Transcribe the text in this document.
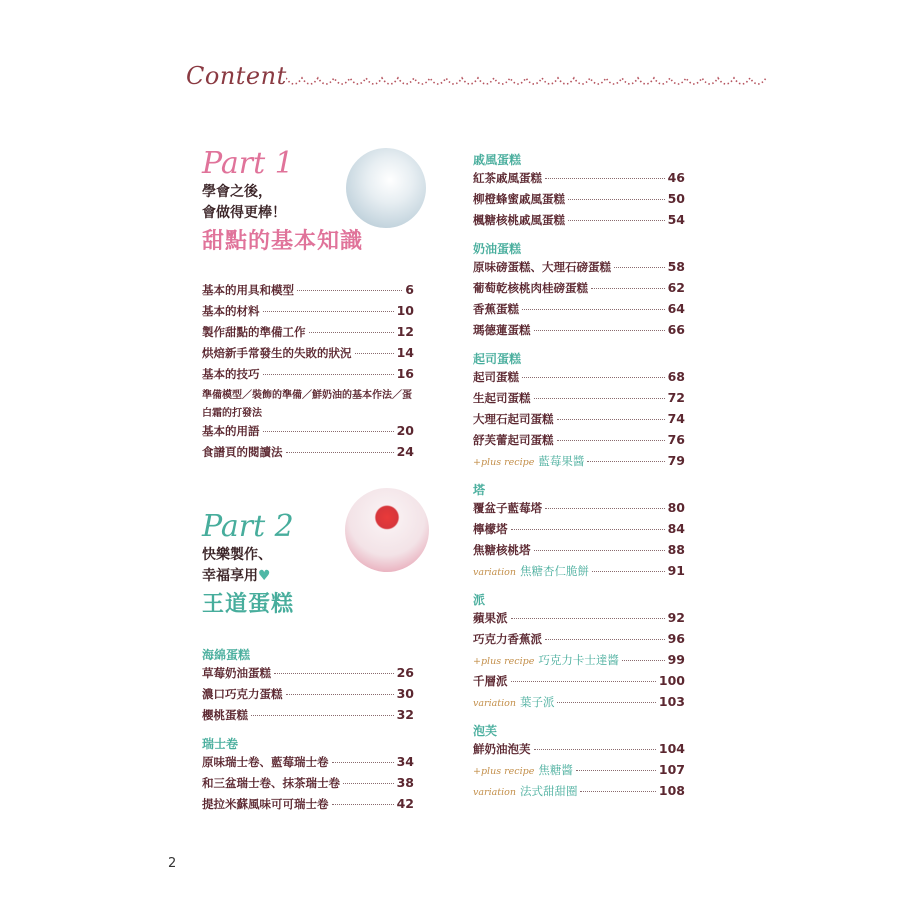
Content
Part 1
學會之後，
會做得更棒！
甜點的基本知識
基本的用具和模型	6
基本的材料	10
製作甜點的準備工作	12
烘焙新手常發生的失敗的狀況	14
基本的技巧	16
準備模型／裝飾的準備／鮮奶油的基本作法／蛋白霜的打發法
基本的用語	20
食譜頁的閱讀法	24
Part 2
快樂製作、
幸福享用♥
王道蛋糕
海綿蛋糕
草莓奶油蛋糕	26
濃口巧克力蛋糕	30
櫻桃蛋糕	32
瑞士卷
原味瑞士卷、藍莓瑞士卷	34
和三盆瑞士卷、抹茶瑞士卷	38
提拉米蘇風味可可瑞士卷	42
戚風蛋糕
紅茶戚風蛋糕	46
柳橙蜂蜜戚風蛋糕	50
楓糖核桃戚風蛋糕	54
奶油蛋糕
原味磅蛋糕、大理石磅蛋糕	58
葡萄乾核桃肉桂磅蛋糕	62
香蕉蛋糕	64
瑪德蓮蛋糕	66
起司蛋糕
起司蛋糕	68
生起司蛋糕	72
大理石起司蛋糕	74
舒芙蕾起司蛋糕	76
+plus recipe 藍莓果醬	79
塔
覆盆子藍莓塔	80
檸檬塔	84
焦糖核桃塔	88
variation 焦糖杏仁脆餅	91
派
蘋果派	92
巧克力香蕉派	96
+plus recipe 巧克力卡士達醬	99
千層派	100
variation 葉子派	103
泡芙
鮮奶油泡芙	104
+plus recipe 焦糖醬	107
variation 法式甜甜圈	108
2
